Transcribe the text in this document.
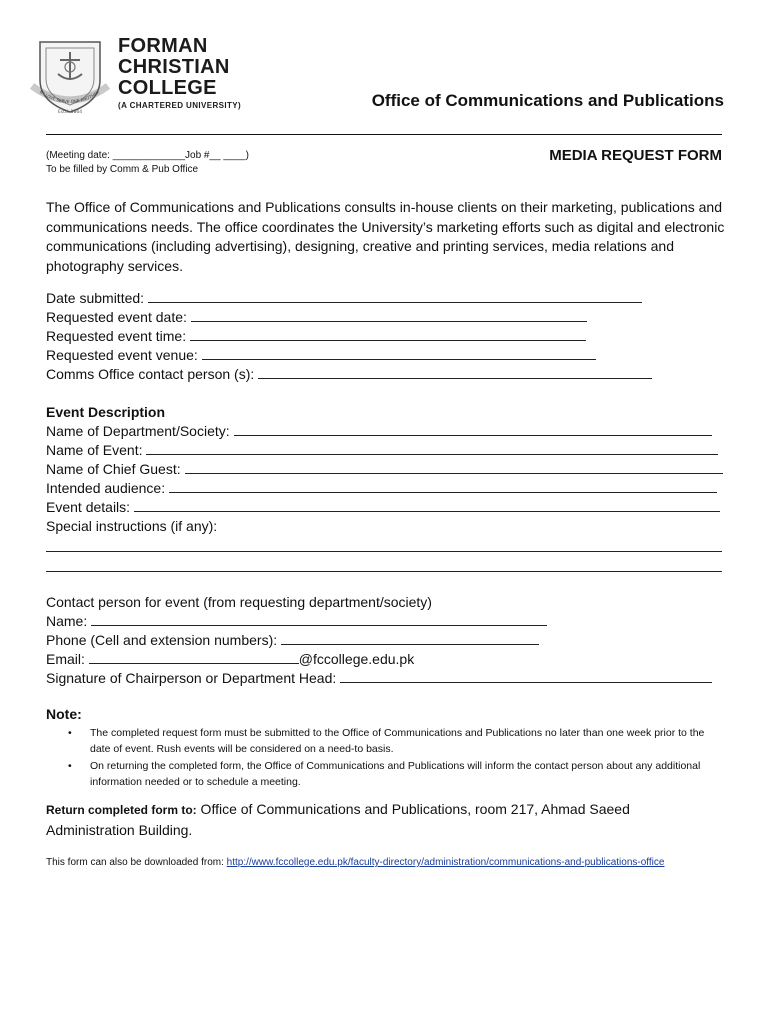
BY LOVE SERVE ONE ANOTHER
Estd. 1864
FORMAN
CHRISTIAN
COLLEGE
(A CHARTERED UNIVERSITY)	Office of Communications and Publications
(Meeting date: _____________Job #__ ____)
To be filled by Comm & Pub Office
MEDIA REQUEST FORM
The Office of Communications and Publications consults in-house clients on their marketing, publications and communications needs. The office coordinates the University’s marketing efforts such as digital and electronic communications (including advertising), designing, creative and printing services, media relations and photography services.
Date submitted:
Requested event date:
Requested event time:
Requested event venue:
Comms Office contact person (s):
Event Description
Name of Department/Society:
Name of Event:
Name of Chief Guest:
Intended audience:
Event details:
Special instructions (if any):
Contact person for event (from requesting department/society)
Name:
Phone (Cell and extension numbers):
Email:	@fccollege.edu.pk
Signature of Chairperson or Department Head:
Note:
• The completed request form must be submitted to the Office of Communications and Publications no later than one week prior to the date of event. Rush events will be considered on a need-to basis.
• On returning the completed form, the Office of Communications and Publications will inform the contact person about any additional information needed or to schedule a meeting.
Return completed form to: Office of Communications and Publications, room 217, Ahmad Saeed Administration Building.
This form can also be downloaded from: http://www.fccollege.edu.pk/faculty-directory/administration/communications-and-publications-office
